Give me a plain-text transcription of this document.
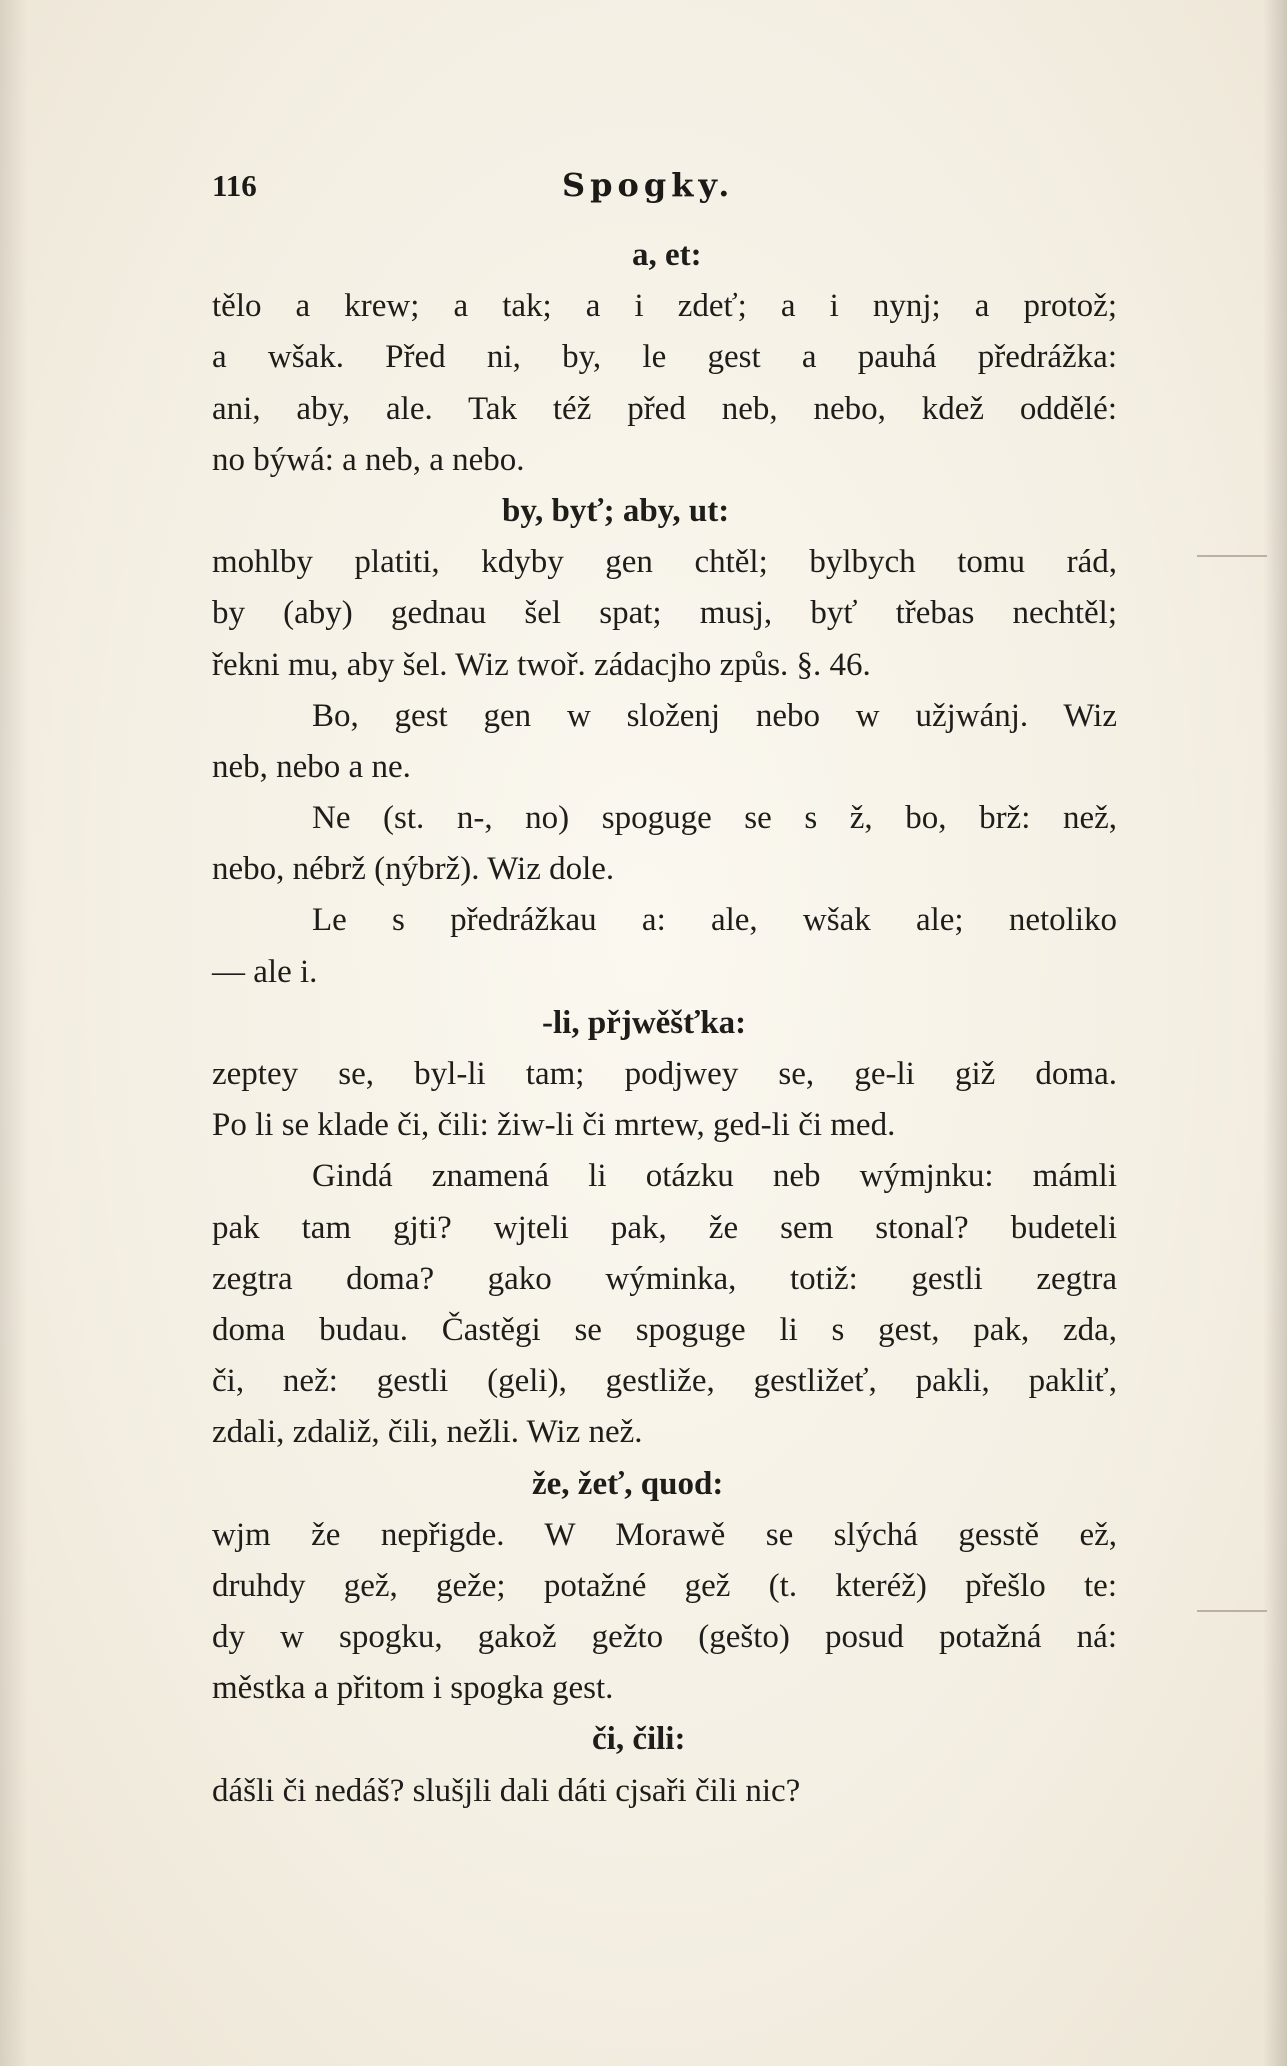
116	Spogky.
a, et:
tělo a krew; a tak; a i zdeť; a i nynj; a protož;
a wšak. Před ni, by, le gest a pauhá předrážka:
ani, aby, ale. Tak též před neb, nebo, kdež oddělé:
no býwá: a neb, a nebo.
by, byť; aby, ut:
mohlby platiti, kdyby gen chtěl; bylbych tomu rád,
by (aby) gednau šel spat; musj, byť třebas nechtěl;
řekni mu, aby šel. Wiz twoř. zádacjho způs. §. 46.
Bo, gest gen w složenj nebo w užjwánj. Wiz
neb, nebo a ne.
Ne (st. n-, no) spoguge se s ž, bo, brž: než,
nebo, nébrž (nýbrž). Wiz dole.
Le s předrážkau a: ale, wšak ale; netoliko
— ale i.
-li, přjwěšťka:
zeptey se, byl-li tam; podjwey se, ge-li giž doma.
Po li se klade či, čili: žiw-li či mrtew, ged-li či med.
Gindá znamená li otázku neb wýmjnku: mámli
pak tam gjti? wjteli pak, že sem stonal? budeteli
zegtra doma? gako wýminka, totiž: gestli zegtra
doma budau. Častěgi se spoguge li s gest, pak, zda,
či, než: gestli (geli), gestliže, gestližeť, pakli, pakliť,
zdali, zdaliž, čili, nežli. Wiz než.
že, žeť, quod:
wjm že nepřigde. W Morawě se slýchá gesstě ež,
druhdy gež, geže; potažné gež (t. kteréž) přešlo te:
dy w spogku, gakož gežto (gešto) posud potažná ná:
městka a přitom i spogka gest.
či, čili:
dášli či nedáš? slušjli dali dáti cjsaři čili nic?
